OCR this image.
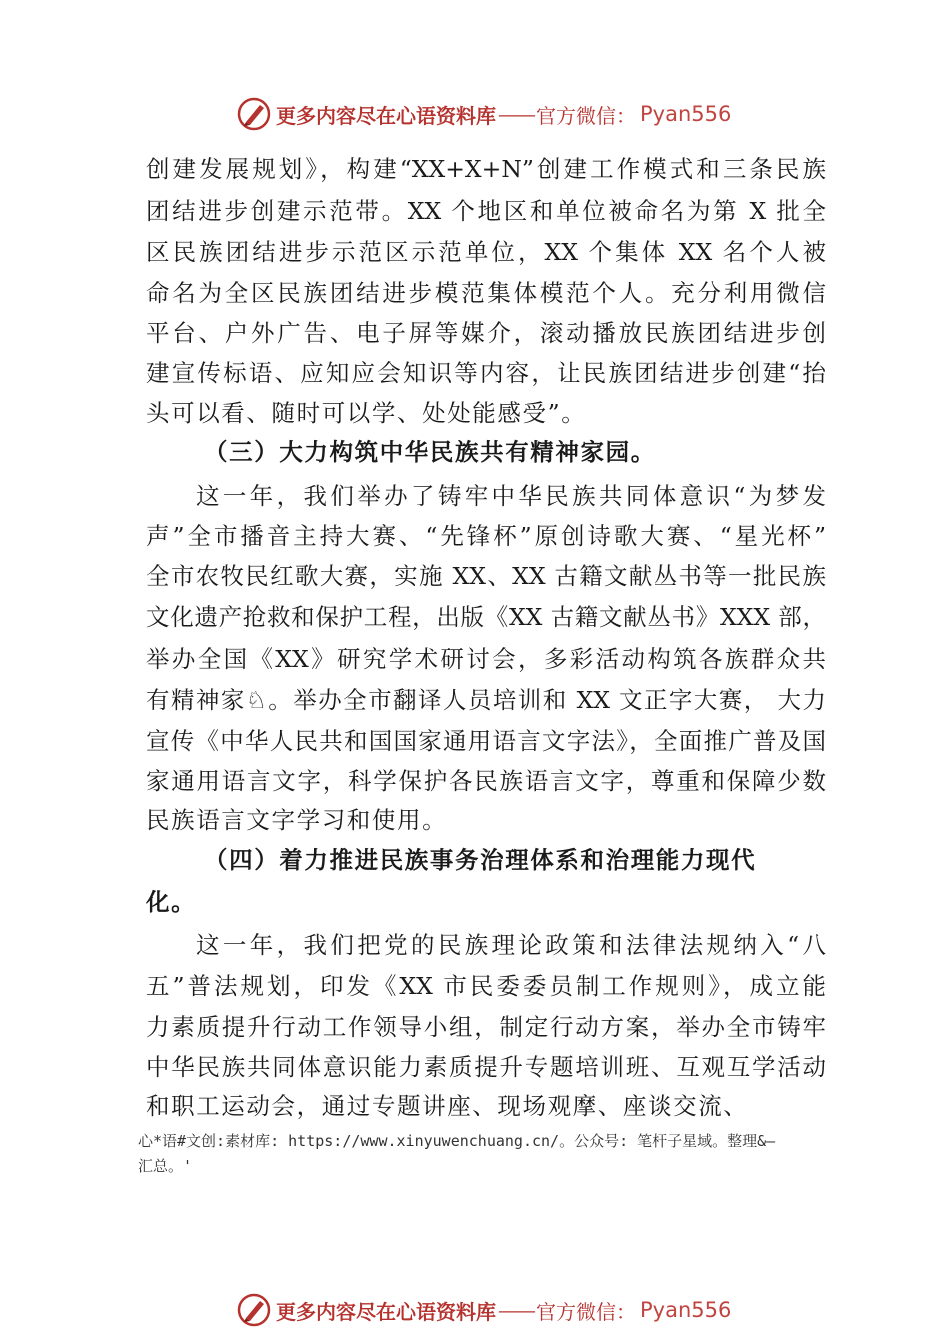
更多内容尽在心语资料库 —— 官方微信： Pyan556
创建发展规划》，构建“XX+X+N”创建工作模式和三条民族
团结进步创建示范带。XX 个地区和单位被命名为第 X 批全
区民族团结进步示范区示范单位，XX 个集体 XX 名个人被
命名为全区民族团结进步模范集体模范个人。充分利用微信
平台、户外广告、电子屏等媒介，滚动播放民族团结进步创
建宣传标语、应知应会知识等内容，让民族团结进步创建“抬
头可以看、随时可以学、处处能感受”。
（三）大力构筑中华民族共有精神家园。
这一年，我们举办了铸牢中华民族共同体意识“为梦发
声”全市播音主持大赛、“先锋杯”原创诗歌大赛、“星光杯”
全市农牧民红歌大赛，实施 XX、XX 古籍文献丛书等一批民族
文化遗产抢救和保护工程，出版《XX 古籍文献丛书》XXX 部，
举办全国《XX》研究学术研讨会，多彩活动构筑各族群众共
有精神家♘。举办全市翻译人员培训和 XX 文正字大赛， 大力
宣传《中华人民共和国国家通用语言文字法》，全面推广普及国
家通用语言文字，科学保护各民族语言文字，尊重和保障少数
民族语言文字学习和使用。
（四）着力推进民族事务治理体系和治理能力现代
化。
这一年，我们把党的民族理论政策和法律法规纳入“八
五”普法规划，印发《XX 市民委委员制工作规则》，成立能
力素质提升行动工作领导小组，制定行动方案，举办全市铸牢
中华民族共同体意识能力素质提升专题培训班、互观互学活动
和职工运动会，通过专题讲座、现场观摩、座谈交流、
心*语#文创:素材库: https://www.xinyuwenchuang.cn/。公众号: 笔杆子星域。整理&—
汇总。'
更多内容尽在心语资料库 —— 官方微信： Pyan556
